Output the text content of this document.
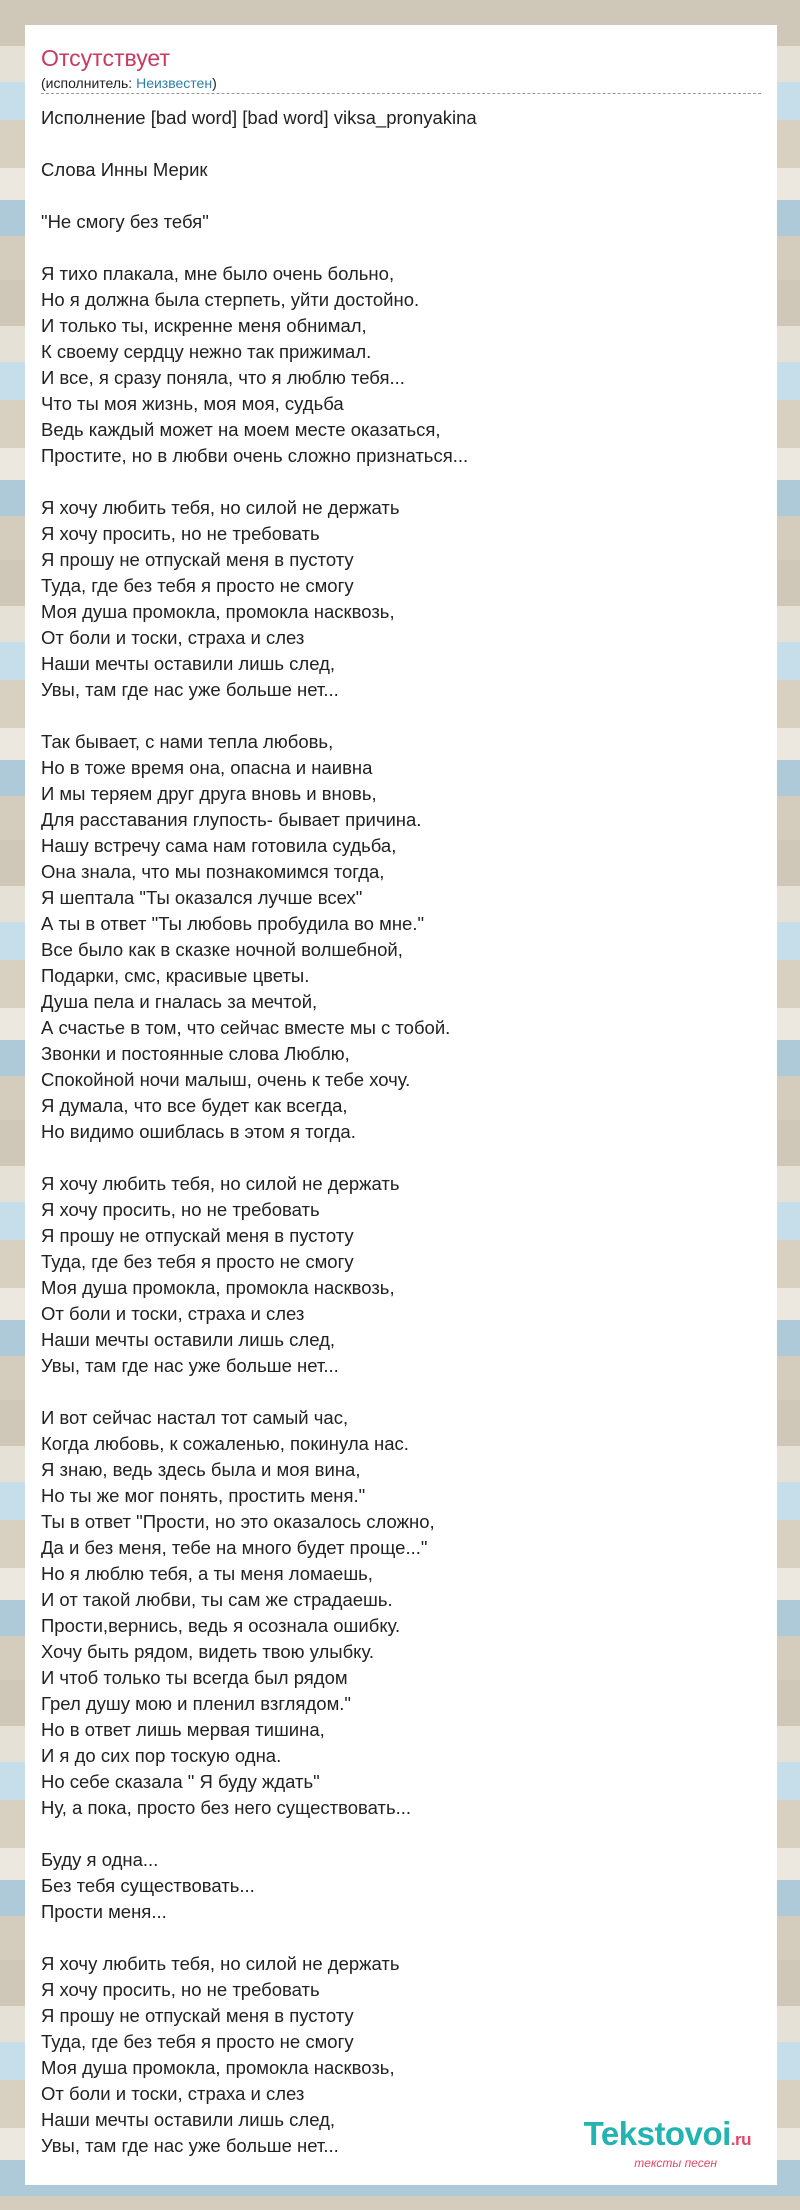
Отсутствует
(исполнитель: Неизвестен)
Исполнение [bad word] [bad word] viksa_pronyakina
Слова Инны Мерик
"Не смогу без тебя"
Я тихо плакала, мне было очень больно,
Но я должна была стерпеть, уйти достойно.
И только ты, искренне меня обнимал,
К своему сердцу нежно так прижимал.
И все, я сразу поняла, что я люблю тебя...
Что ты моя жизнь, моя моя, судьба
Ведь каждый может на моем месте оказаться,
Простите, но в любви очень сложно признаться...
Я хочу любить тебя, но силой не держать
Я хочу просить, но не требовать
Я прошу не отпускай меня в пустоту
Туда, где без тебя я просто не смогу
Моя душа промокла, промокла насквозь,
От боли и тоски, страха и слез
Наши мечты оставили лишь след,
Увы, там где нас уже больше нет...
Так бывает, с нами тепла любовь,
Но в тоже время она, опасна и наивна
И мы теряем друг друга вновь и вновь,
Для расставания глупость- бывает причина.
Нашу встречу сама нам готовила судьба,
Она знала, что мы познакомимся тогда,
Я шептала "Ты оказался лучше всех"
А ты в ответ "Ты любовь пробудила во мне."
Все было как в сказке ночной волшебной,
Подарки, смс, красивые цветы.
Душа пела и гналась за мечтой,
А счастье в том, что сейчас вместе мы с тобой.
Звонки и постоянные слова Люблю,
Спокойной ночи малыш, очень к тебе хочу.
Я думала, что все будет как всегда,
Но видимо ошиблась в этом я тогда.
Я хочу любить тебя, но силой не держать
Я хочу просить, но не требовать
Я прошу не отпускай меня в пустоту
Туда, где без тебя я просто не смогу
Моя душа промокла, промокла насквозь,
От боли и тоски, страха и слез
Наши мечты оставили лишь след,
Увы, там где нас уже больше нет...
И вот сейчас настал тот самый час,
Когда любовь, к сожаленью, покинула нас.
Я знаю, ведь здесь была и моя вина,
Но ты же мог понять, простить меня."
Ты в ответ "Прости, но это оказалось сложно,
Да и без меня, тебе на много будет проще..."
Но я люблю тебя, а ты меня ломаешь,
И от такой любви, ты сам же страдаешь.
Прости,вернись, ведь я осознала ошибку.
Хочу быть рядом, видеть твою улыбку.
И чтоб только ты всегда был рядом
Грел душу мою и пленил взглядом."
Но в ответ лишь мервая тишина,
И я до сих пор тоскую одна.
Но себе сказала " Я буду ждать"
Ну, а пока, просто без него существовать...
Буду я одна...
Без тебя существовать...
Прости меня...
Я хочу любить тебя, но силой не держать
Я хочу просить, но не требовать
Я прошу не отпускай меня в пустоту
Туда, где без тебя я просто не смогу
Моя душа промокла, промокла насквозь,
От боли и тоски, страха и слез
Наши мечты оставили лишь след,
Увы, там где нас уже больше нет...	Tekstovoi.ru
тексты песен
